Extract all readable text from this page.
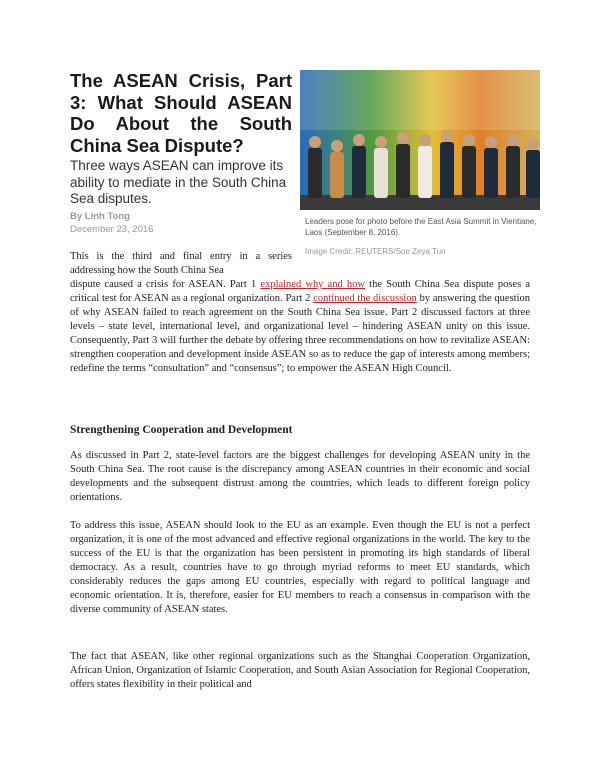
The ASEAN Crisis, Part 3: What Should ASEAN Do About the South China Sea Dispute?
Three ways ASEAN can improve its ability to mediate in the South China Sea disputes.
By Linh Tong
December 23, 2016
Leaders pose for photo before the East Asia Summit in Vientiane, Laos (September 8, 2016).
Image Credit: REUTERS/Soe Zeya Tun

This is the third and final entry in a series addressing how the South China Sea

dispute caused a crisis for ASEAN. Part 1 explained why and how the South China Sea dispute poses a critical test for ASEAN as a regional organization. Part 2 continued the discussion by answering the question of why ASEAN failed to reach agreement on the South China Sea issue. Part 2 discussed factors at three levels – state level, international level, and organizational level – hindering ASEAN unity on this issue. Consequently, Part 3 will further the debate by offering three recommendations on how to revitalize ASEAN: strengthen cooperation and development inside ASEAN so as to reduce the gap of interests among members; redefine the terms “consultation” and “consensus”; to empower the ASEAN High Council.

Strengthening Cooperation and Development

As discussed in Part 2, state-level factors are the biggest challenges for developing ASEAN unity in the South China Sea. The root cause is the discrepancy among ASEAN countries in their economic and social developments and the subsequent distrust among the countries, which leads to different foreign policy orientations.

To address this issue, ASEAN should look to the EU as an example. Even though the EU is not a perfect organization, it is one of the most advanced and effective regional organizations in the world. The key to the success of the EU is that the organization has been persistent in promoting its high standards of liberal democracy. As a result, countries have to go through myriad reforms to meet EU standards, which considerably reduces the gaps among EU countries, especially with regard to political language and economic orientation. It is, therefore, easier for EU members to reach a consensus in comparison with the diverse community of ASEAN states.

The fact that ASEAN, like other regional organizations such as the Shanghai Cooperation Organization, African Union, Organization of Islamic Cooperation, and South Asian Association for Regional Cooperation, offers states flexibility in their political and
